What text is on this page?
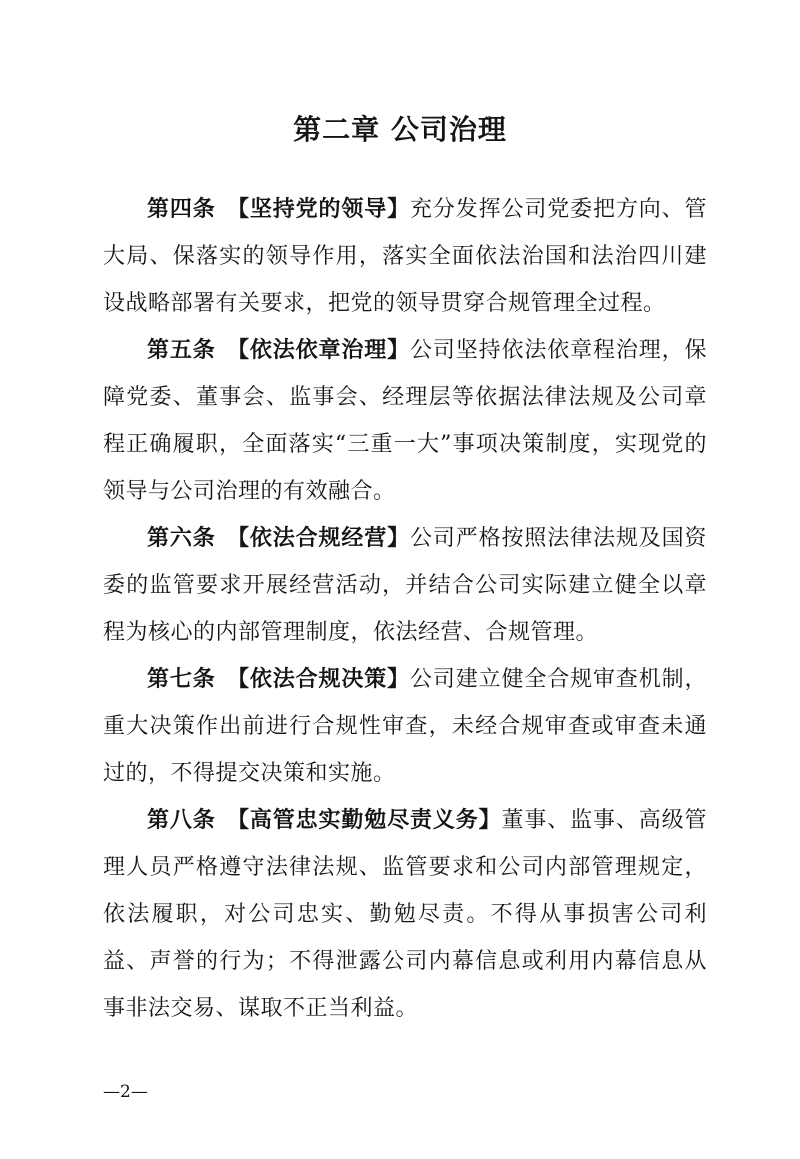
第二章 公司治理

第四条 【坚持党的领导】充分发挥公司党委把方向、管大局、保落实的领导作用，落实全面依法治国和法治四川建设战略部署有关要求，把党的领导贯穿合规管理全过程。

第五条 【依法依章治理】公司坚持依法依章程治理，保障党委、董事会、监事会、经理层等依据法律法规及公司章程正确履职，全面落实“三重一大”事项决策制度，实现党的领导与公司治理的有效融合。

第六条 【依法合规经营】公司严格按照法律法规及国资委的监管要求开展经营活动，并结合公司实际建立健全以章程为核心的内部管理制度，依法经营、合规管理。

第七条 【依法合规决策】公司建立健全合规审查机制，重大决策作出前进行合规性审查，未经合规审查或审查未通过的，不得提交决策和实施。

第八条 【高管忠实勤勉尽责义务】董事、监事、高级管理人员严格遵守法律法规、监管要求和公司内部管理规定，依法履职，对公司忠实、勤勉尽责。不得从事损害公司利益、声誉的行为；不得泄露公司内幕信息或利用内幕信息从事非法交易、谋取不正当利益。

—2—
